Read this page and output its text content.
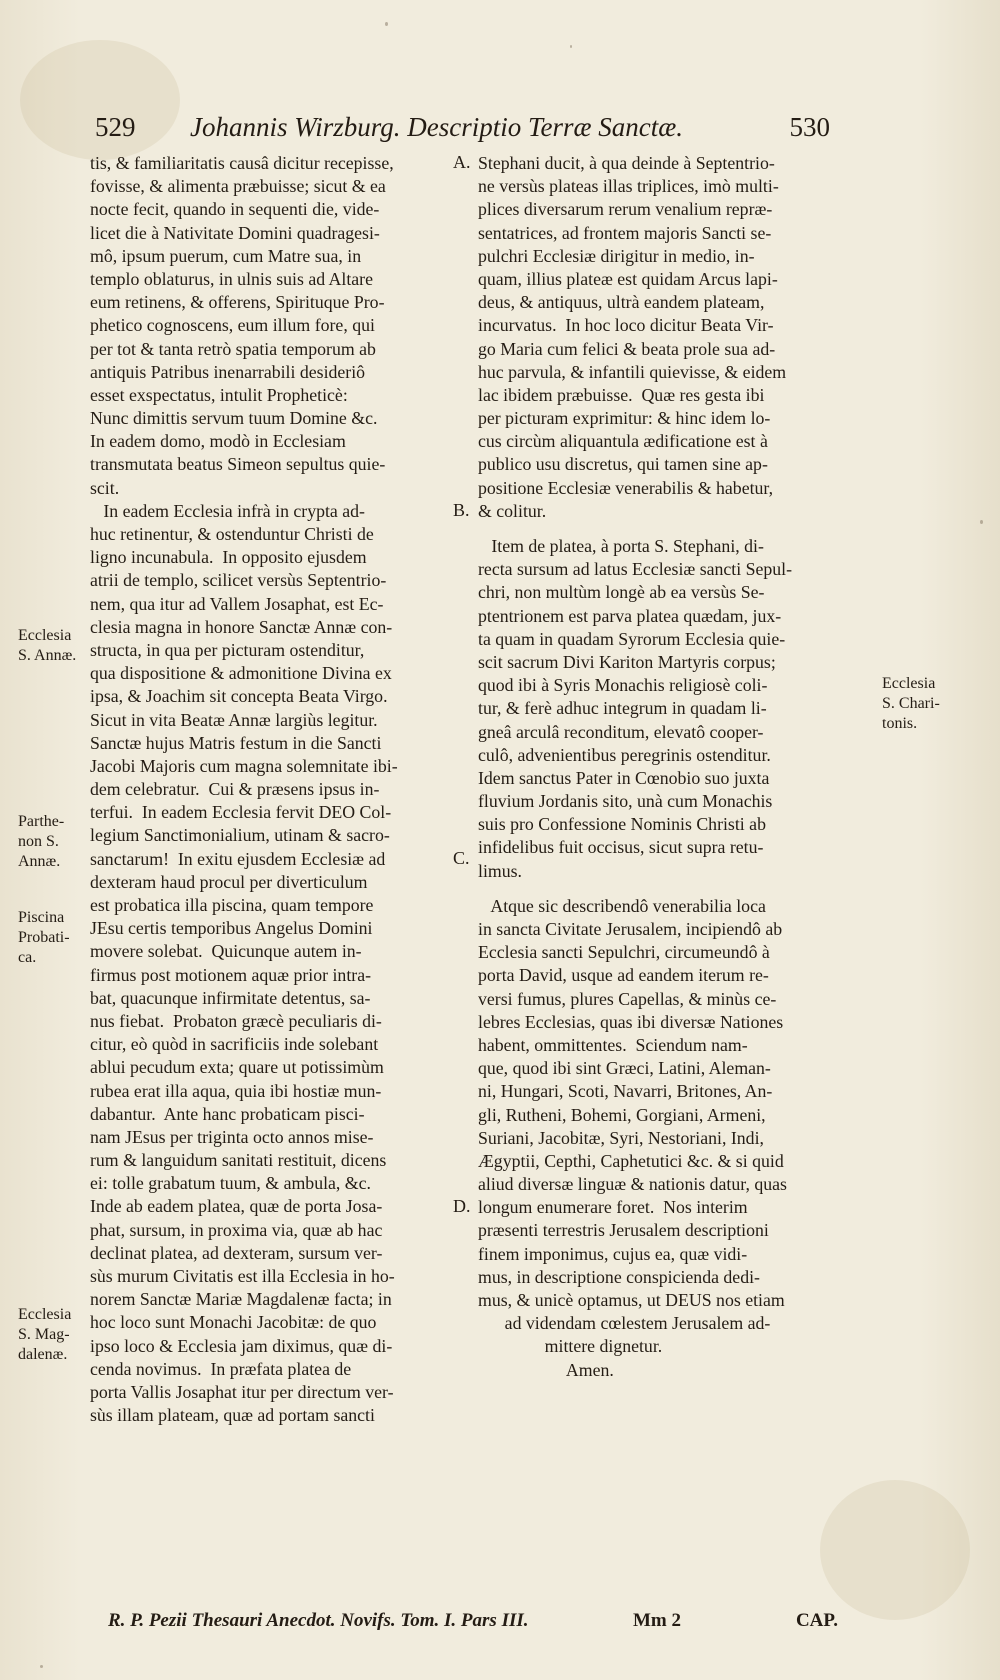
529 Johannis Wirzburg. Descriptio Terræ Sanctæ.	530
tis, & familiaritatis causâ dicitur recepisse,
fovisse, & alimenta præbuisse; sicut & ea
nocte fecit, quando in sequenti die, vide-
licet die à Nativitate Domini quadragesi-
mô, ipsum puerum, cum Matre sua, in
templo oblaturus, in ulnis suis ad Altare
eum retinens, & offerens, Spirituque Pro-
phetico cognoscens, eum illum fore, qui
per tot & tanta retrò spatia temporum ab
antiquis Patribus inenarrabili desideriô
esset exspectatus, intulit Propheticè:
Nunc dimittis servum tuum Domine &c.
In eadem domo, modò in Ecclesiam
transmutata beatus Simeon sepultus quie-
scit.
In eadem Ecclesia infrà in crypta ad-
huc retinentur, & ostenduntur Christi de
ligno incunabula.  In opposito ejusdem
atrii de templo, scilicet versùs Septentrio-
nem, qua itur ad Vallem Josaphat, est Ec-
clesia magna in honore Sanctæ Annæ con-
structa, in qua per picturam ostenditur,
qua dispositione & admonitione Divina ex
ipsa, & Joachim sit concepta Beata Virgo.
Sicut in vita Beatæ Annæ largiùs legitur.
Sanctæ hujus Matris festum in die Sancti
Jacobi Majoris cum magna solemnitate ibi-
dem celebratur.  Cui & præsens ipsus in-
terfui.  In eadem Ecclesia fervit DEO Col-
legium Sanctimonialium, utinam & sacro-
sanctarum!  In exitu ejusdem Ecclesiæ ad
dexteram haud procul per diverticulum
est probatica illa piscina, quam tempore
JEsu certis temporibus Angelus Domini
movere solebat.  Quicunque autem in-
firmus post motionem aquæ prior intra-
bat, quacunque infirmitate detentus, sa-
nus fiebat.  Probaton græcè peculiaris di-
citur, eò quòd in sacrificiis inde solebant
ablui pecudum exta; quare ut potissimùm
rubea erat illa aqua, quia ibi hostiæ mun-
dabantur.  Ante hanc probaticam pisci-
nam JEsus per triginta octo annos mise-
rum & languidum sanitati restituit, dicens
ei: tolle grabatum tuum, & ambula, &c.
Inde ab eadem platea, quæ de porta Josa-
phat, sursum, in proxima via, quæ ab hac
declinat platea, ad dexteram, sursum ver-
sùs murum Civitatis est illa Ecclesia in ho-
norem Sanctæ Mariæ Magdalenæ facta; in
hoc loco sunt Monachi Jacobitæ: de quo
ipso loco & Ecclesia jam diximus, quæ di-
cenda novimus.  In præfata platea de
porta Vallis Josaphat itur per directum ver-
sùs illam plateam, quæ ad portam sancti
Stephani ducit, à qua deinde à Septentrio-
ne versùs plateas illas triplices, imò multi-
plices diversarum rerum venalium repræ-
sentatrices, ad frontem majoris Sancti se-
pulchri Ecclesiæ dirigitur in medio, in-
quam, illius plateæ est quidam Arcus lapi-
deus, & antiquus, ultrà eandem plateam,
incurvatus.  In hoc loco dicitur Beata Vir-
go Maria cum felici & beata prole sua ad-
huc parvula, & infantili quievisse, & eidem
lac ibidem præbuisse.  Quæ res gesta ibi
per picturam exprimitur: & hinc idem lo-
cus circùm aliquantula ædificatione est à
publico usu discretus, qui tamen sine ap-
positione Ecclesiæ venerabilis & habetur,
& colitur.
Item de platea, à porta S. Stephani, di-
recta sursum ad latus Ecclesiæ sancti Sepul-
chri, non multùm longè ab ea versùs Se-
ptentrionem est parva platea quædam, jux-
ta quam in quadam Syrorum Ecclesia quie-
scit sacrum Divi Kariton Martyris corpus;
quod ibi à Syris Monachis religiosè coli-
tur, & ferè adhuc integrum in quadam li-
gneâ arculâ reconditum, elevatô cooper-
culô, advenientibus peregrinis ostenditur.
Idem sanctus Pater in Cœnobio suo juxta
fluvium Jordanis sito, unà cum Monachis
suis pro Confessione Nominis Christi ab
infidelibus fuit occisus, sicut supra retu-
limus.
Atque sic describendô venerabilia loca
in sancta Civitate Jerusalem, incipiendô ab
Ecclesia sancti Sepulchri, circumeundô à
porta David, usque ad eandem iterum re-
versi fumus, plures Capellas, & minùs ce-
lebres Ecclesias, quas ibi diversæ Nationes
habent, ommittentes.  Sciendum nam-
que, quod ibi sint Græci, Latini, Aleman-
ni, Hungari, Scoti, Navarri, Britones, An-
gli, Rutheni, Bohemi, Gorgiani, Armeni,
Suriani, Jacobitæ, Syri, Nestoriani, Indi,
Ægyptii, Cepthi, Caphetutici &c. & si quid
aliud diversæ linguæ & nationis datur, quas
longum enumerare foret.  Nos interim
præsenti terrestris Jerusalem descriptioni
finem imponimus, cujus ea, quæ vidi-
mus, in descriptione conspicienda dedi-
mus, & unicè optamus, ut DEUS nos etiam
ad videndam cœlestem Jerusalem ad-
mittere dignetur.
Amen.
A.
B.
C.
D.
Ecclesia
S. Annæ.
Parthe-
non S.
Annæ.
Piscina
Probati-
ca.
Ecclesia
S. Mag-
dalenæ.
Ecclesia
S. Chari-
tonis.
R. P. Pezii Thesauri Anecdot. Novifs. Tom. I. Pars III.	Mm 2	CAP.
